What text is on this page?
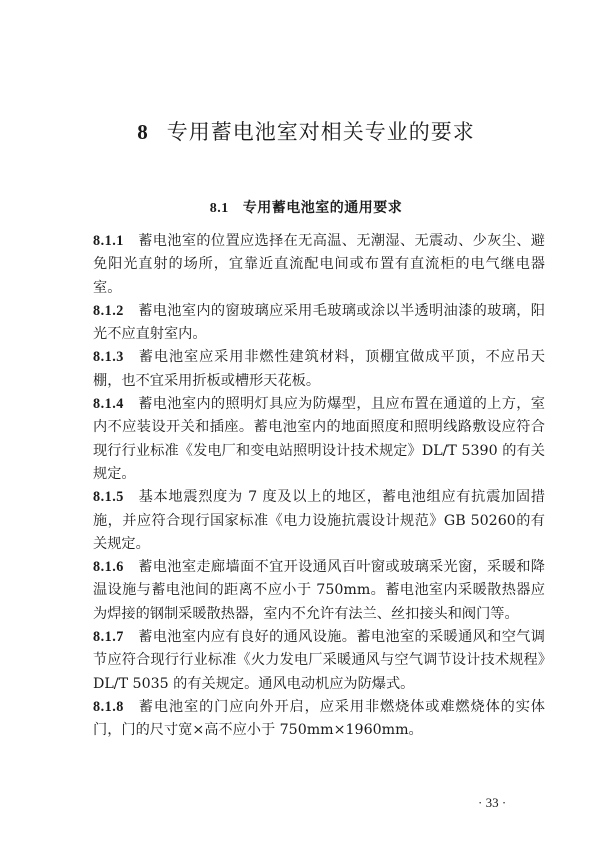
8 专用蓄电池室对相关专业的要求
8.1 专用蓄电池室的通用要求

8.1.1 蓄电池室的位置应选择在无高温、无潮湿、无震动、少灰尘、避免阳光直射的场所，宜靠近直流配电间或布置有直流柜的电气继电器室。

8.1.2 蓄电池室内的窗玻璃应采用毛玻璃或涂以半透明油漆的玻璃，阳光不应直射室内。

8.1.3 蓄电池室应采用非燃性建筑材料，顶棚宜做成平顶，不应吊天棚，也不宜采用折板或槽形天花板。

8.1.4 蓄电池室内的照明灯具应为防爆型，且应布置在通道的上方，室内不应装设开关和插座。蓄电池室内的地面照度和照明线路敷设应符合现行行业标准《发电厂和变电站照明设计技术规定》DL/T 5390 的有关规定。

8.1.5 基本地震烈度为 7 度及以上的地区，蓄电池组应有抗震加固措施，并应符合现行国家标准《电力设施抗震设计规范》GB 50260的有关规定。

8.1.6 蓄电池室走廊墙面不宜开设通风百叶窗或玻璃采光窗，采暖和降温设施与蓄电池间的距离不应小于 750mm。蓄电池室内采暖散热器应为焊接的钢制采暖散热器，室内不允许有法兰、丝扣接头和阀门等。

8.1.7 蓄电池室内应有良好的通风设施。蓄电池室的采暖通风和空气调节应符合现行行业标准《火力发电厂采暖通风与空气调节设计技术规程》DL/T 5035 的有关规定。通风电动机应为防爆式。

8.1.8 蓄电池室的门应向外开启，应采用非燃烧体或难燃烧体的实体门，门的尺寸宽×高不应小于 750mm×1960mm。

· 33 ·
